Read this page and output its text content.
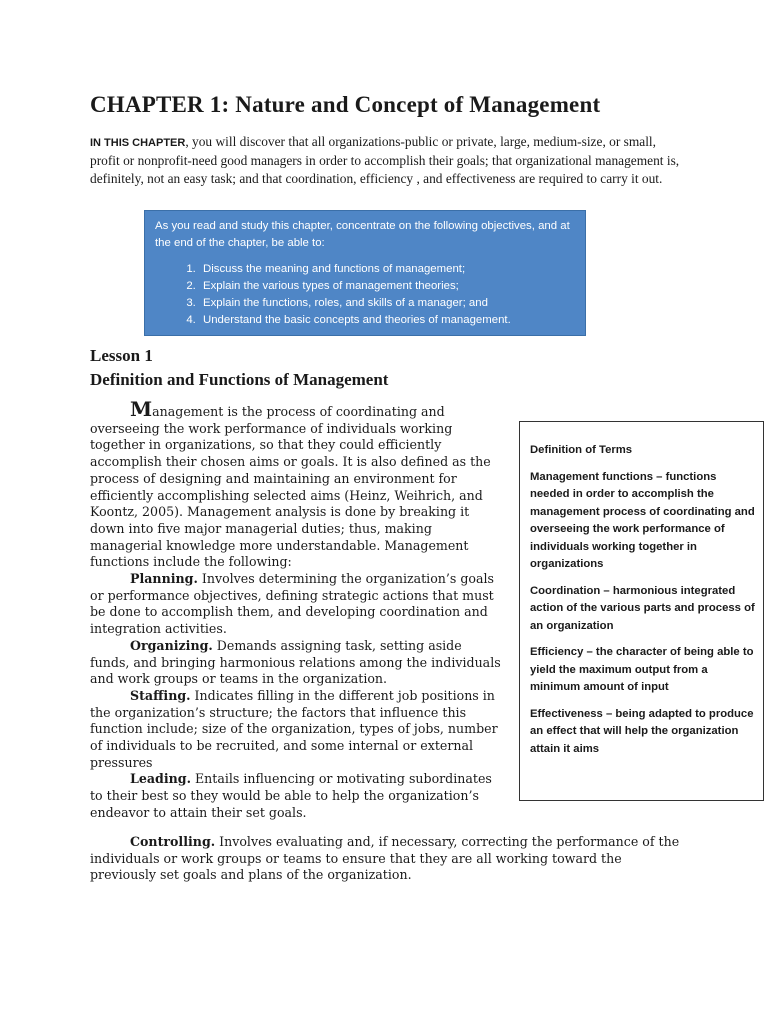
CHAPTER 1: Nature and Concept of Management
IN THIS CHAPTER, you will discover that all organizations-public or private, large, medium-size, or small, profit or nonprofit-need good managers in order to accomplish their goals; that organizational management is, definitely, not an easy task; and that coordination, efficiency , and effectiveness are required to carry it out.
As you read and study this chapter, concentrate on the following objectives, and at the end of the chapter, be able to:
1. Discuss the meaning and functions of management;
2. Explain the various types of management theories;
3. Explain the functions, roles, and skills of a manager; and
4. Understand the basic concepts and theories of management.
Lesson 1
Definition and Functions of Management

Management is the process of coordinating and overseeing the work performance of individuals working together in organizations, so that they could efficiently accomplish their chosen aims or goals. It is also defined as the process of designing and maintaining an environment for efficiently accomplishing selected aims (Heinz, Weihrich, and Koontz, 2005). Management analysis is done by breaking it down into five major managerial duties; thus, making managerial knowledge more understandable. Management functions include the following:

Planning. Involves determining the organization’s goals or performance objectives, defining strategic actions that must be done to accomplish them, and developing coordination and integration activities.

Organizing. Demands assigning task, setting aside funds, and bringing harmonious relations among the individuals and work groups or teams in the organization.

Staffing. Indicates filling in the different job positions in the organization’s structure; the factors that influence this function include; size of the organization, types of jobs, number of individuals to be recruited, and some internal or external pressures

Leading. Entails influencing or motivating subordinates to their best so they would be able to help the organization’s endeavor to attain their set goals.

Controlling. Involves evaluating and, if necessary, correcting the performance of the individuals or work groups or teams to ensure that they are all working toward the previously set goals and plans of the organization.

Definition of Terms
Management functions – functions needed in order to accomplish the management process of coordinating and overseeing the work performance of individuals working together in organizations
Coordination – harmonious integrated action of the various parts and process of an organization
Efficiency – the character of being able to yield the maximum output from a minimum amount of input
Effectiveness – being adapted to produce an effect that will help the organization attain it aims
